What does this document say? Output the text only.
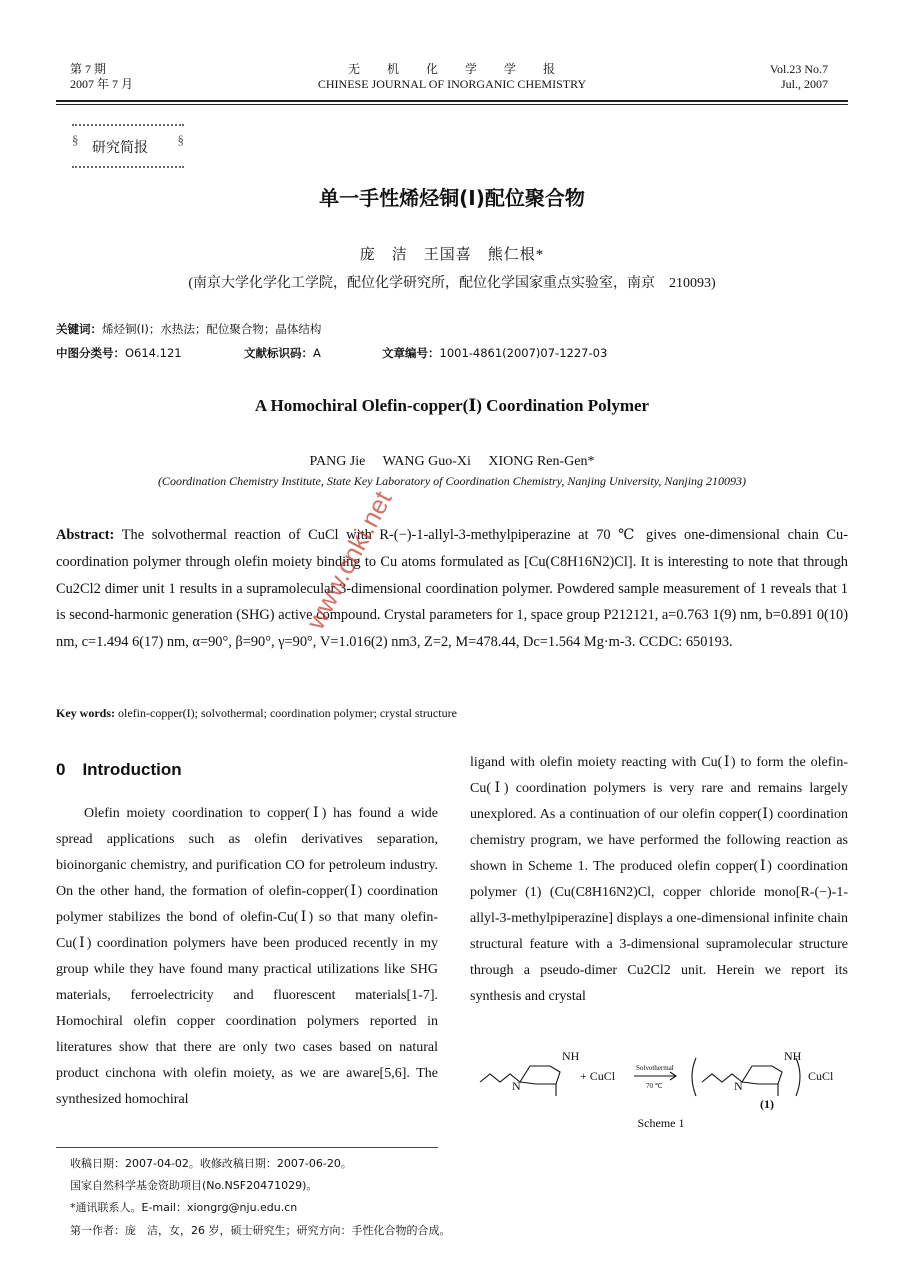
第 7 期
2007 年 7 月
无　　机　　化　　学　　学　　报
CHINESE JOURNAL OF INORGANIC CHEMISTRY
Vol.23 No.7
Jul., 2007
§	§
研究简报
单一手性烯烃铜(Ⅰ)配位聚合物
庞　洁　王国喜　熊仁根*
(南京大学化学化工学院，配位化学研究所，配位化学国家重点实验室，南京　210093)
关键词：烯烃铜(I)；水热法；配位聚合物；晶体结构
中图分类号：O614.121	文献标识码：A	文章编号：1001-4861(2007)07-1227-03
A Homochiral Olefin-copper(Ⅰ) Coordination Polymer
PANG Jie　 WANG Guo-Xi　 XIONG Ren-Gen*
(Coordination Chemistry Institute, State Key Laboratory of Coordination Chemistry, Nanjing University, Nanjing 210093)
Abstract: The solvothermal reaction of CuCl with R-(−)-1-allyl-3-methylpiperazine at 70 ℃ gives one-dimensional chain Cu-coordination polymer through olefin moiety binding to Cu atoms formulated as [Cu(C8H16N2)Cl]. It is interesting to note that through Cu2Cl2 dimer unit 1 results in a supramolecular 3-dimensional coordination polymer. Powdered sample measurement of 1 reveals that 1 is second-harmonic generation (SHG) active compound. Crystal parameters for 1, space group P212121, a=0.763 1(9) nm, b=0.891 0(10) nm, c=1.494 6(17) nm, α=90°, β=90°, γ=90°, V=1.016(2) nm3, Z=2, M=478.44, Dc=1.564 Mg·m-3. CCDC: 650193.
Key words: olefin-copper(I); solvothermal; coordination polymer; crystal structure
0　Introduction

Olefin moiety coordination to copper(Ⅰ) has found a wide spread applications such as olefin derivatives separation, bioinorganic chemistry, and purification CO for petroleum industry. On the other hand, the formation of olefin-copper(Ⅰ) coordination polymer stabilizes the bond of olefin-Cu(Ⅰ) so that many olefin-Cu(Ⅰ) coordination polymers have been produced recently in my group while they have found many practical utilizations like SHG materials, ferroelectricity and fluorescent materials[1-7]. Homochiral olefin copper coordination polymers reported in literatures show that there are only two cases based on natural product cinchona with olefin moiety, as we are aware[5,6]. The synthesized homochiral

ligand with olefin moiety reacting with Cu(Ⅰ) to form the olefin-Cu(Ⅰ) coordination polymers is very rare and remains largely unexplored. As a continuation of our olefin copper(Ⅰ) coordination chemistry program, we have performed the following reaction as shown in Scheme 1. The produced olefin copper(Ⅰ) coordination polymer (1) (Cu(C8H16N2)Cl, copper chloride mono[R-(−)-1-allyl-3-methylpiperazine] displays a one-dimensional infinite chain structural feature with a 3-dimensional supramolecular structure through a pseudo-dimer Cu2Cl2 unit. Herein we report its synthesis and crystal

NH
N
+ CuCl
Solvothermal
70 ℃
NH
N
CuCl
(1)
Scheme 1
收稿日期：2007-04-02。收修改稿日期：2007-06-20。
国家自然科学基金资助项目(No.NSF20471029)。
*通讯联系人。E-mail：xiongrg@nju.edu.cn
第一作者：庞　洁，女，26 岁，硕士研究生；研究方向：手性化合物的合成。
www.cnki.net
